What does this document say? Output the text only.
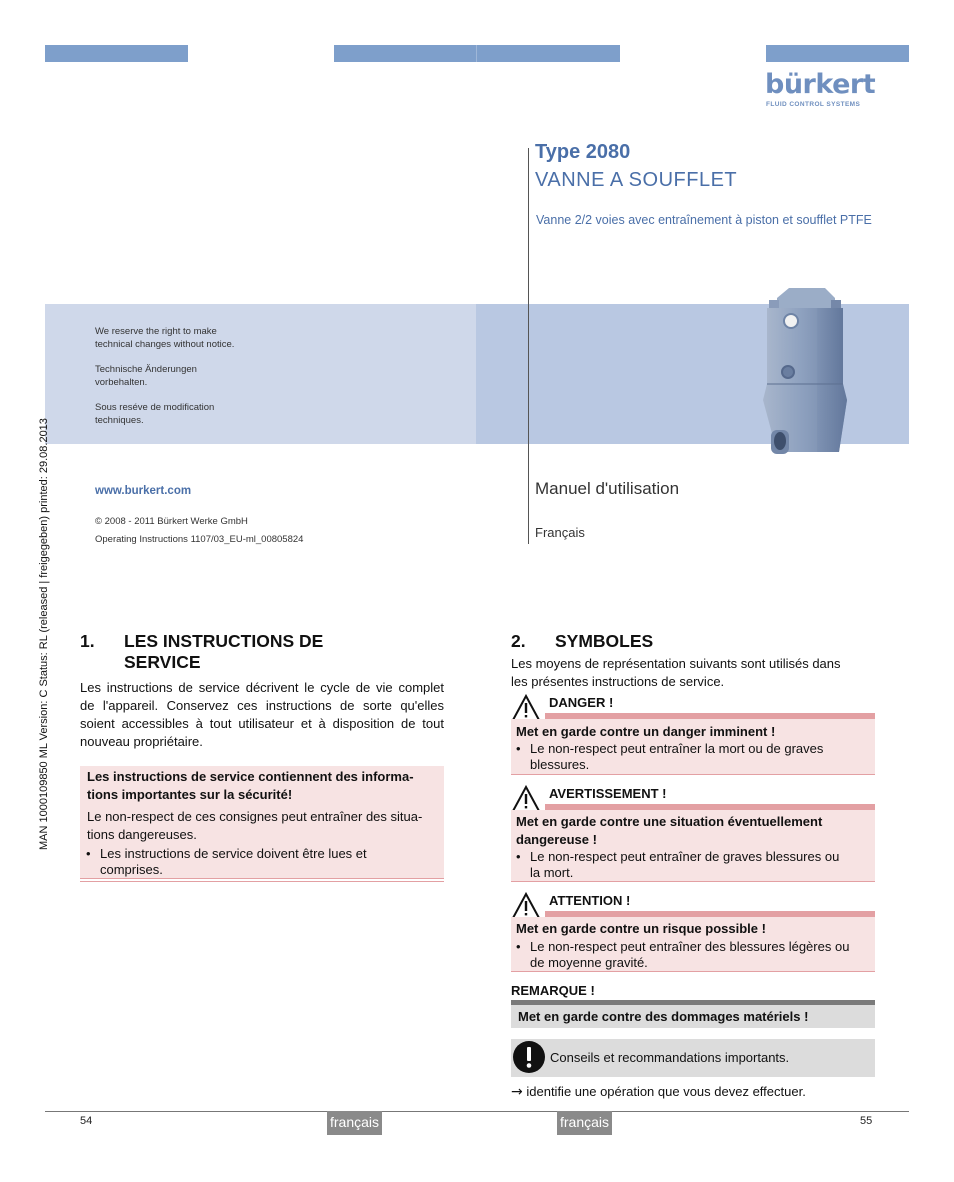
bürkert
FLUID CONTROL SYSTEMS
Type 2080
VANNE A SOUFFLET
Vanne 2/2 voies avec entraînement à piston et soufflet PTFE
We reserve the right to make
technical changes without notice.
Technische Änderungen
vorbehalten.
Sous reséve de modification
techniques.
www.burkert.com
© 2008 - 2011 Bürkert Werke GmbH
Operating Instructions 1107/03_EU-ml_00805824
Manuel d'utilisation
Français
MAN 1000109850 ML Version: C Status: RL (released | freigegeben) printed: 29.08.2013 1. LES INSTRUCTIONS DE
SERVICE
Les instructions de service décrivent le cycle de vie complet
de l'appareil. Conservez ces instructions de sorte qu'elles
soient accessibles à tout utilisateur et à disposition de tout
nouveau propriétaire.
Les instructions de service contiennent des informa-
tions importantes sur la sécurité!
Le non-respect de ces consignes peut entraîner des situa-
tions dangereuses.
• Les instructions de service doivent être lues et
comprises.
2. SYMBOLES
Les moyens de représentation suivants sont utilisés dans
les présentes instructions de service.
DANGER !
Met en garde contre un danger imminent !
• Le non-respect peut entraîner la mort ou de graves
blessures.
AVERTISSEMENT !
Met en garde contre une situation éventuellement
dangereuse !
• Le non-respect peut entraîner de graves blessures ou
la mort.
ATTENTION !
Met en garde contre un risque possible !
• Le non-respect peut entraîner des blessures légères ou
de moyenne gravité.
REMARQUE !
Met en garde contre des dommages matériels !
Conseils et recommandations importants.
→ identifie une opération que vous devez effectuer.
54	55
français	français
